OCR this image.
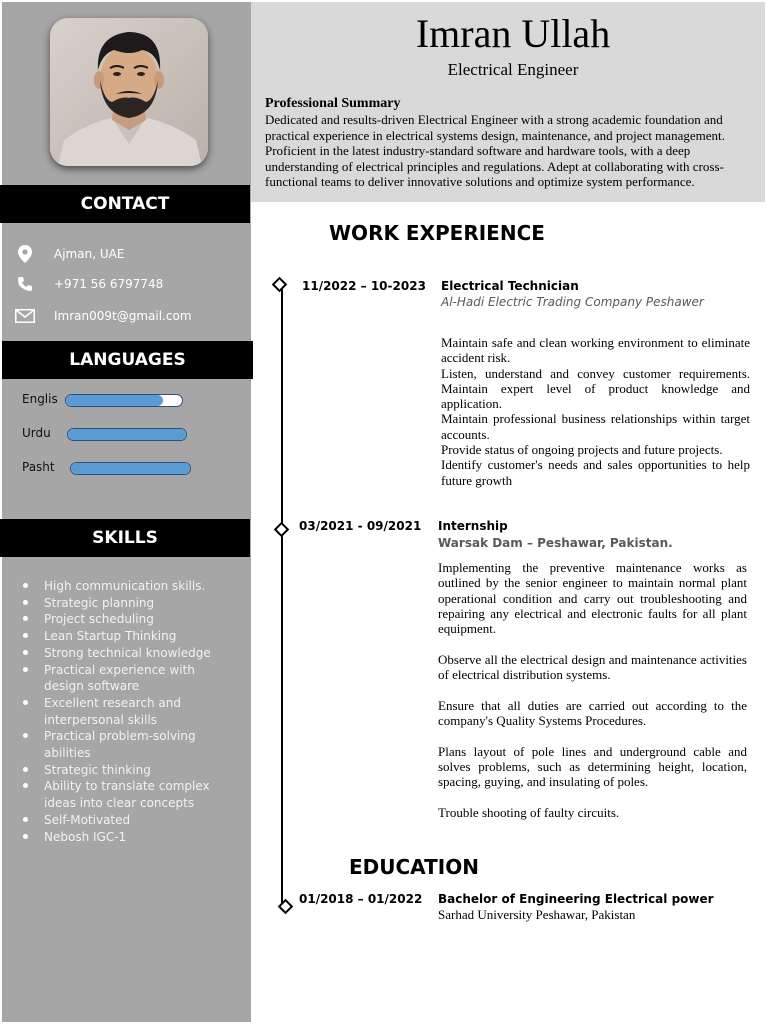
CONTACT
Ajman, UAE
+971 56 6797748
Imran009t@gmail.com
LANGUAGES
Englis
Urdu
Pasht
SKILLS
High communication skills.
Strategic planning
Project scheduling
Lean Startup Thinking
Strong technical knowledge
Practical experience with design software
Excellent research and interpersonal skills
Practical problem-solving abilities
Strategic thinking
Ability to translate complex ideas into clear concepts
Self-Motivated
Nebosh IGC-1
Imran Ullah
Electrical Engineer
Professional Summary
Dedicated and results-driven Electrical Engineer with a strong academic foundation and practical experience in electrical systems design, maintenance, and project management. Proficient in the latest industry-standard software and hardware tools, with a deep understanding of electrical principles and regulations. Adept at collaborating with cross-functional teams to deliver innovative solutions and optimize system performance.
WORK EXPERIENCE
11/2022 – 10-2023 Electrical Technician
Al-Hadi Electric Trading Company Peshawer

Maintain safe and clean working environment to eliminate accident risk.

Listen, understand and convey customer requirements. Maintain expert level of product knowledge and application.

Maintain professional business relationships within target accounts.

Provide status of ongoing projects and future projects.

Identify customer's needs and sales opportunities to help future growth

03/2021 - 09/2021 Internship
Warsak Dam – Peshawar, Pakistan.

Implementing the preventive maintenance works as outlined by the senior engineer to maintain normal plant operational condition and carry out troubleshooting and repairing any electrical and electronic faults for all plant equipment.

Observe all the electrical design and maintenance activities of electrical distribution systems.

Ensure that all duties are carried out according to the company's Quality Systems Procedures.

Plans layout of pole lines and underground cable and solves problems, such as determining height, location, spacing, guying, and insulating of poles.

Trouble shooting of faulty circuits.

EDUCATION
01/2018 – 01/2022 Bachelor of Engineering Electrical power
Sarhad University Peshawar, Pakistan
